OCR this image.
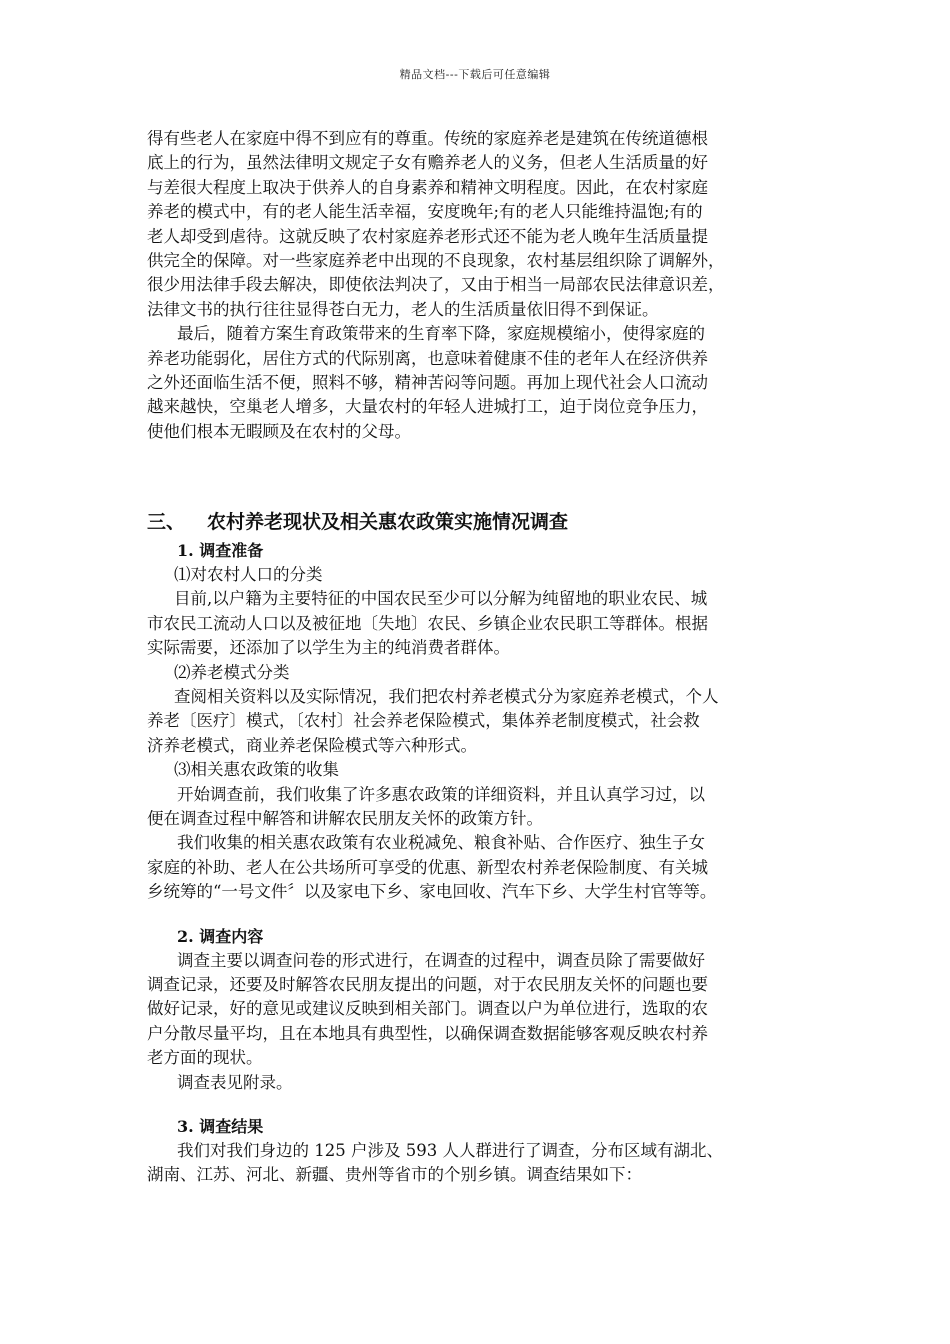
精品文档---下载后可任意编辑
得有些老人在家庭中得不到应有的尊重。传统的家庭养老是建筑在传统道德根
底上的行为，虽然法律明文规定子女有赡养老人的义务，但老人生活质量的好
与差很大程度上取决于供养人的自身素养和精神文明程度。因此，在农村家庭
养老的模式中，有的老人能生活幸福，安度晚年;有的老人只能维持温饱;有的
老人却受到虐待。这就反映了农村家庭养老形式还不能为老人晚年生活质量提
供完全的保障。对一些家庭养老中出现的不良现象，农村基层组织除了调解外，
很少用法律手段去解决，即使依法判决了，又由于相当一局部农民法律意识差，
法律文书的执行往往显得苍白无力，老人的生活质量依旧得不到保证。
最后，随着方案生育政策带来的生育率下降，家庭规模缩小，使得家庭的
养老功能弱化，居住方式的代际别离，也意味着健康不佳的老年人在经济供养
之外还面临生活不便，照料不够，精神苦闷等问题。再加上现代社会人口流动
越来越快，空巢老人增多，大量农村的年轻人进城打工，迫于岗位竞争压力，
使他们根本无暇顾及在农村的父母。
三、 农村养老现状及相关惠农政策实施情况调查
1. 调查准备
⑴对农村人口的分类
目前,以户籍为主要特征的中国农民至少可以分解为纯留地的职业农民、城
市农民工流动人口以及被征地〔失地〕农民、乡镇企业农民职工等群体。根据
实际需要，还添加了以学生为主的纯消费者群体。
⑵养老模式分类
查阅相关资料以及实际情况，我们把农村养老模式分为家庭养老模式，个人
养老〔医疗〕模式，〔农村〕社会养老保险模式，集体养老制度模式，社会救
济养老模式，商业养老保险模式等六种形式。
⑶相关惠农政策的收集
开始调查前，我们收集了许多惠农政策的详细资料，并且认真学习过，以
便在调查过程中解答和讲解农民朋友关怀的政策方针。
我们收集的相关惠农政策有农业税减免、粮食补贴、合作医疗、独生子女
家庭的补助、老人在公共场所可享受的优惠、新型农村养老保险制度、有关城
乡统筹的“一号文件〞以及家电下乡、家电回收、汽车下乡、大学生村官等等。
2. 调查内容
调查主要以调查问卷的形式进行，在调查的过程中，调查员除了需要做好
调查记录，还要及时解答农民朋友提出的问题，对于农民朋友关怀的问题也要
做好记录，好的意见或建议反映到相关部门。调查以户为单位进行，选取的农
户分散尽量平均，且在本地具有典型性，以确保调查数据能够客观反映农村养
老方面的现状。
调查表见附录。
3. 调查结果
我们对我们身边的 125 户涉及 593 人人群进行了调查，分布区域有湖北、
湖南、江苏、河北、新疆、贵州等省市的个别乡镇。调查结果如下：
